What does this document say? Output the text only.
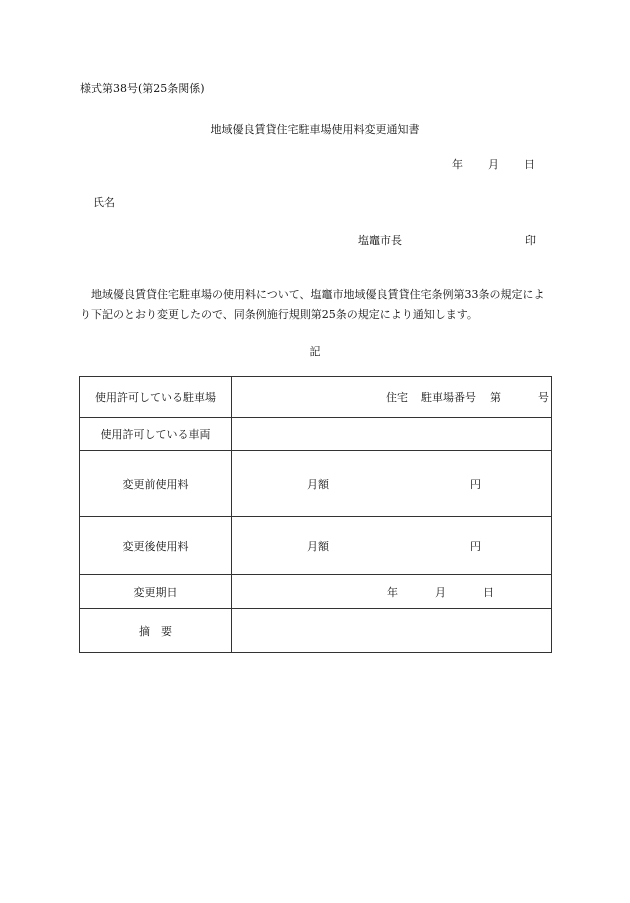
様式第38号(第25条関係)
地域優良賃貸住宅駐車場使用料変更通知書
年 月 日
氏名
塩竈市長	印
地域優良賃貸住宅駐車場の使用料について、塩竈市地域優良賃貸住宅条例第33条の規定により下記のとおり変更したので、同条例施行規則第25条の規定により通知します。
記
使用許可している駐車場	住宅 駐車場番号 第 号

使用許可している車両	
変更前使用料	月額 円

変更後使用料	月額 円

変更期日	年 月 日

摘　要	
